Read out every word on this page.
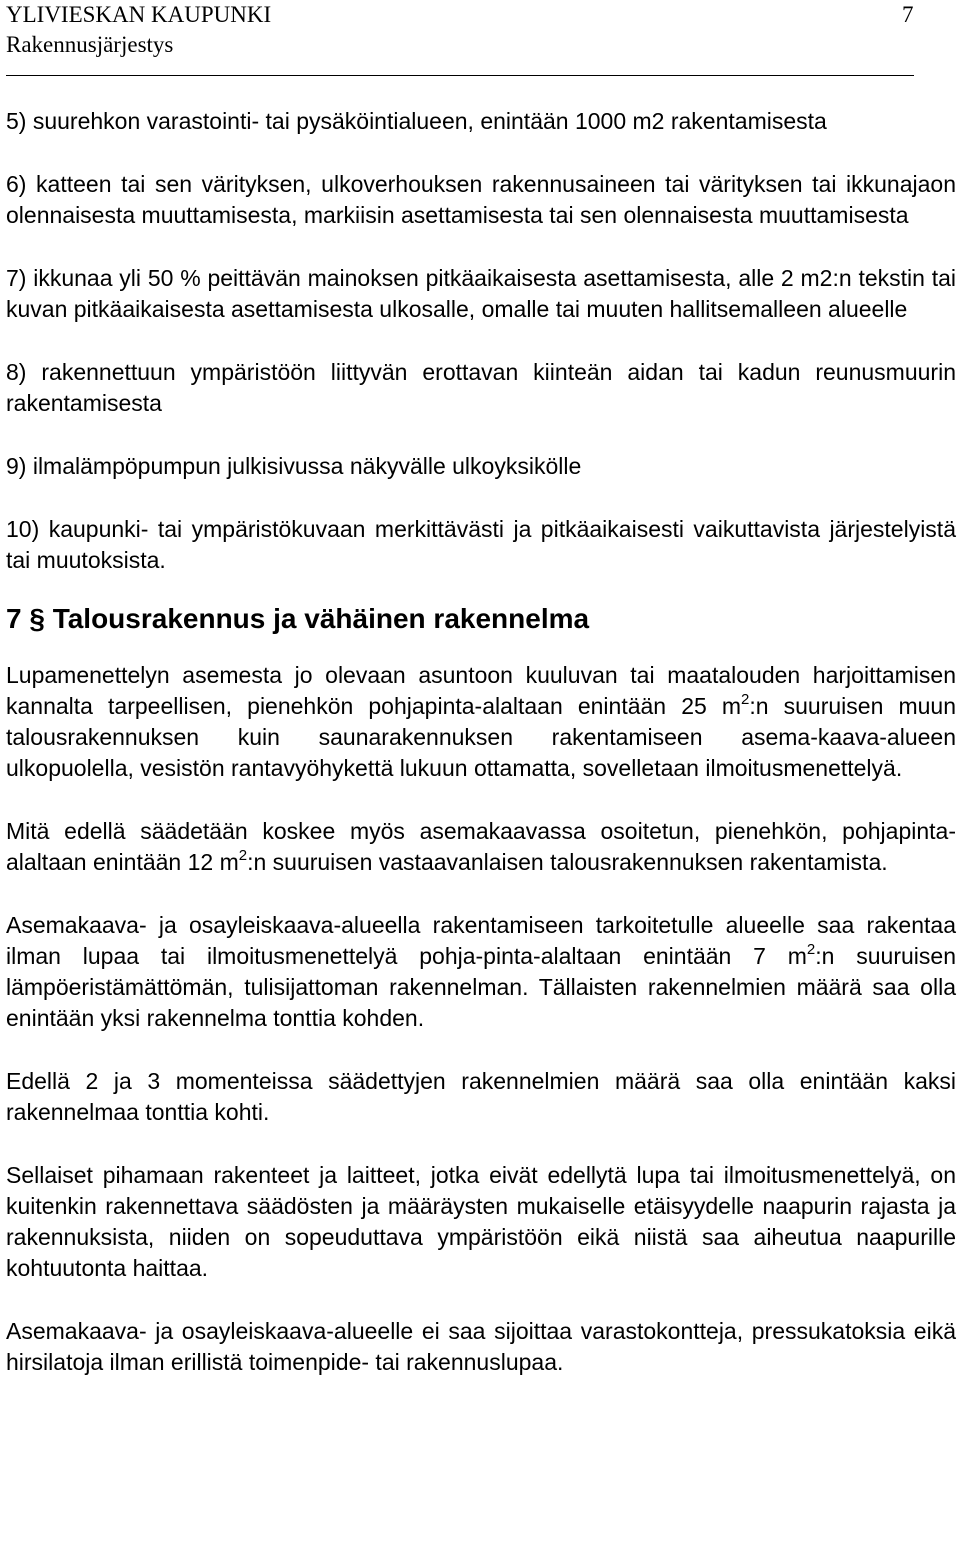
YLIVIESKAN KAUPUNKI
Rakennusjärjestys
7

5) suurehkon varastointi- tai pysäköintialueen, enintään 1000 m2 rakentamisesta

6) katteen tai sen värityksen, ulkoverhouksen rakennusaineen tai värityksen tai ikkunajaon olennaisesta muuttamisesta, markiisin asettamisesta tai sen olennaisesta muuttamisesta

7) ikkunaa yli 50 % peittävän mainoksen pitkäaikaisesta asettamisesta, alle 2 m2:n tekstin tai kuvan pitkäaikaisesta asettamisesta ulkosalle, omalle tai muuten hallitsemalleen alueelle

8) rakennettuun ympäristöön liittyvän erottavan kiinteän aidan tai kadun reunusmuurin rakentamisesta

9) ilmalämpöpumpun julkisivussa näkyvälle ulkoyksikölle

10) kaupunki- tai ympäristökuvaan merkittävästi ja pitkäaikaisesti vaikuttavista järjestelyistä tai muutoksista.

7 § Talousrakennus ja vähäinen rakennelma

Lupamenettelyn asemesta jo olevaan asuntoon kuuluvan tai maatalouden harjoittamisen kannalta tarpeellisen, pienehkön pohjapinta-alaltaan enintään 25 $m^2:n$ suuruisen muun talousrakennuksen kuin saunarakennuksen rakentamiseen asema-kaava-alueen ulkopuolella, vesistön rantavyöhykettä lukuun ottamatta, sovelletaan ilmoitusmenettelyä.

Mitä edellä säädetään koskee myös asemakaavassa osoitetun, pienehkön, pohjapinta-alaltaan enintään 12 $m^2:n$ suuruisen vastaavanlaisen talousrakennuksen rakentamista.

Asemakaava- ja osayleiskaava-alueella rakentamiseen tarkoitetulle alueelle saa rakentaa ilman lupaa tai ilmoitusmenettelyä pohja-pinta-alaltaan enintään 7 $m^2:n$ suuruisen lämpöeristämättömän, tulisijattoman rakennelman. Tällaisten rakennelmien määrä saa olla enintään yksi rakennelma tonttia kohden.

Edellä 2 ja 3 momenteissa säädettyjen rakennelmien määrä saa olla enintään kaksi rakennelmaa tonttia kohti.

Sellaiset pihamaan rakenteet ja laitteet, jotka eivät edellytä lupa tai ilmoitusmenettelyä, on kuitenkin rakennettava säädösten ja määräysten mukaiselle etäisyydelle naapurin rajasta ja rakennuksista, niiden on sopeuduttava ympäristöön eikä niistä saa aiheutua naapurille kohtuutonta haittaa.

Asemakaava- ja osayleiskaava-alueelle ei saa sijoittaa varastokontteja, pressukatoksia eikä hirsilatoja ilman erillistä toimenpide- tai rakennuslupaa.
